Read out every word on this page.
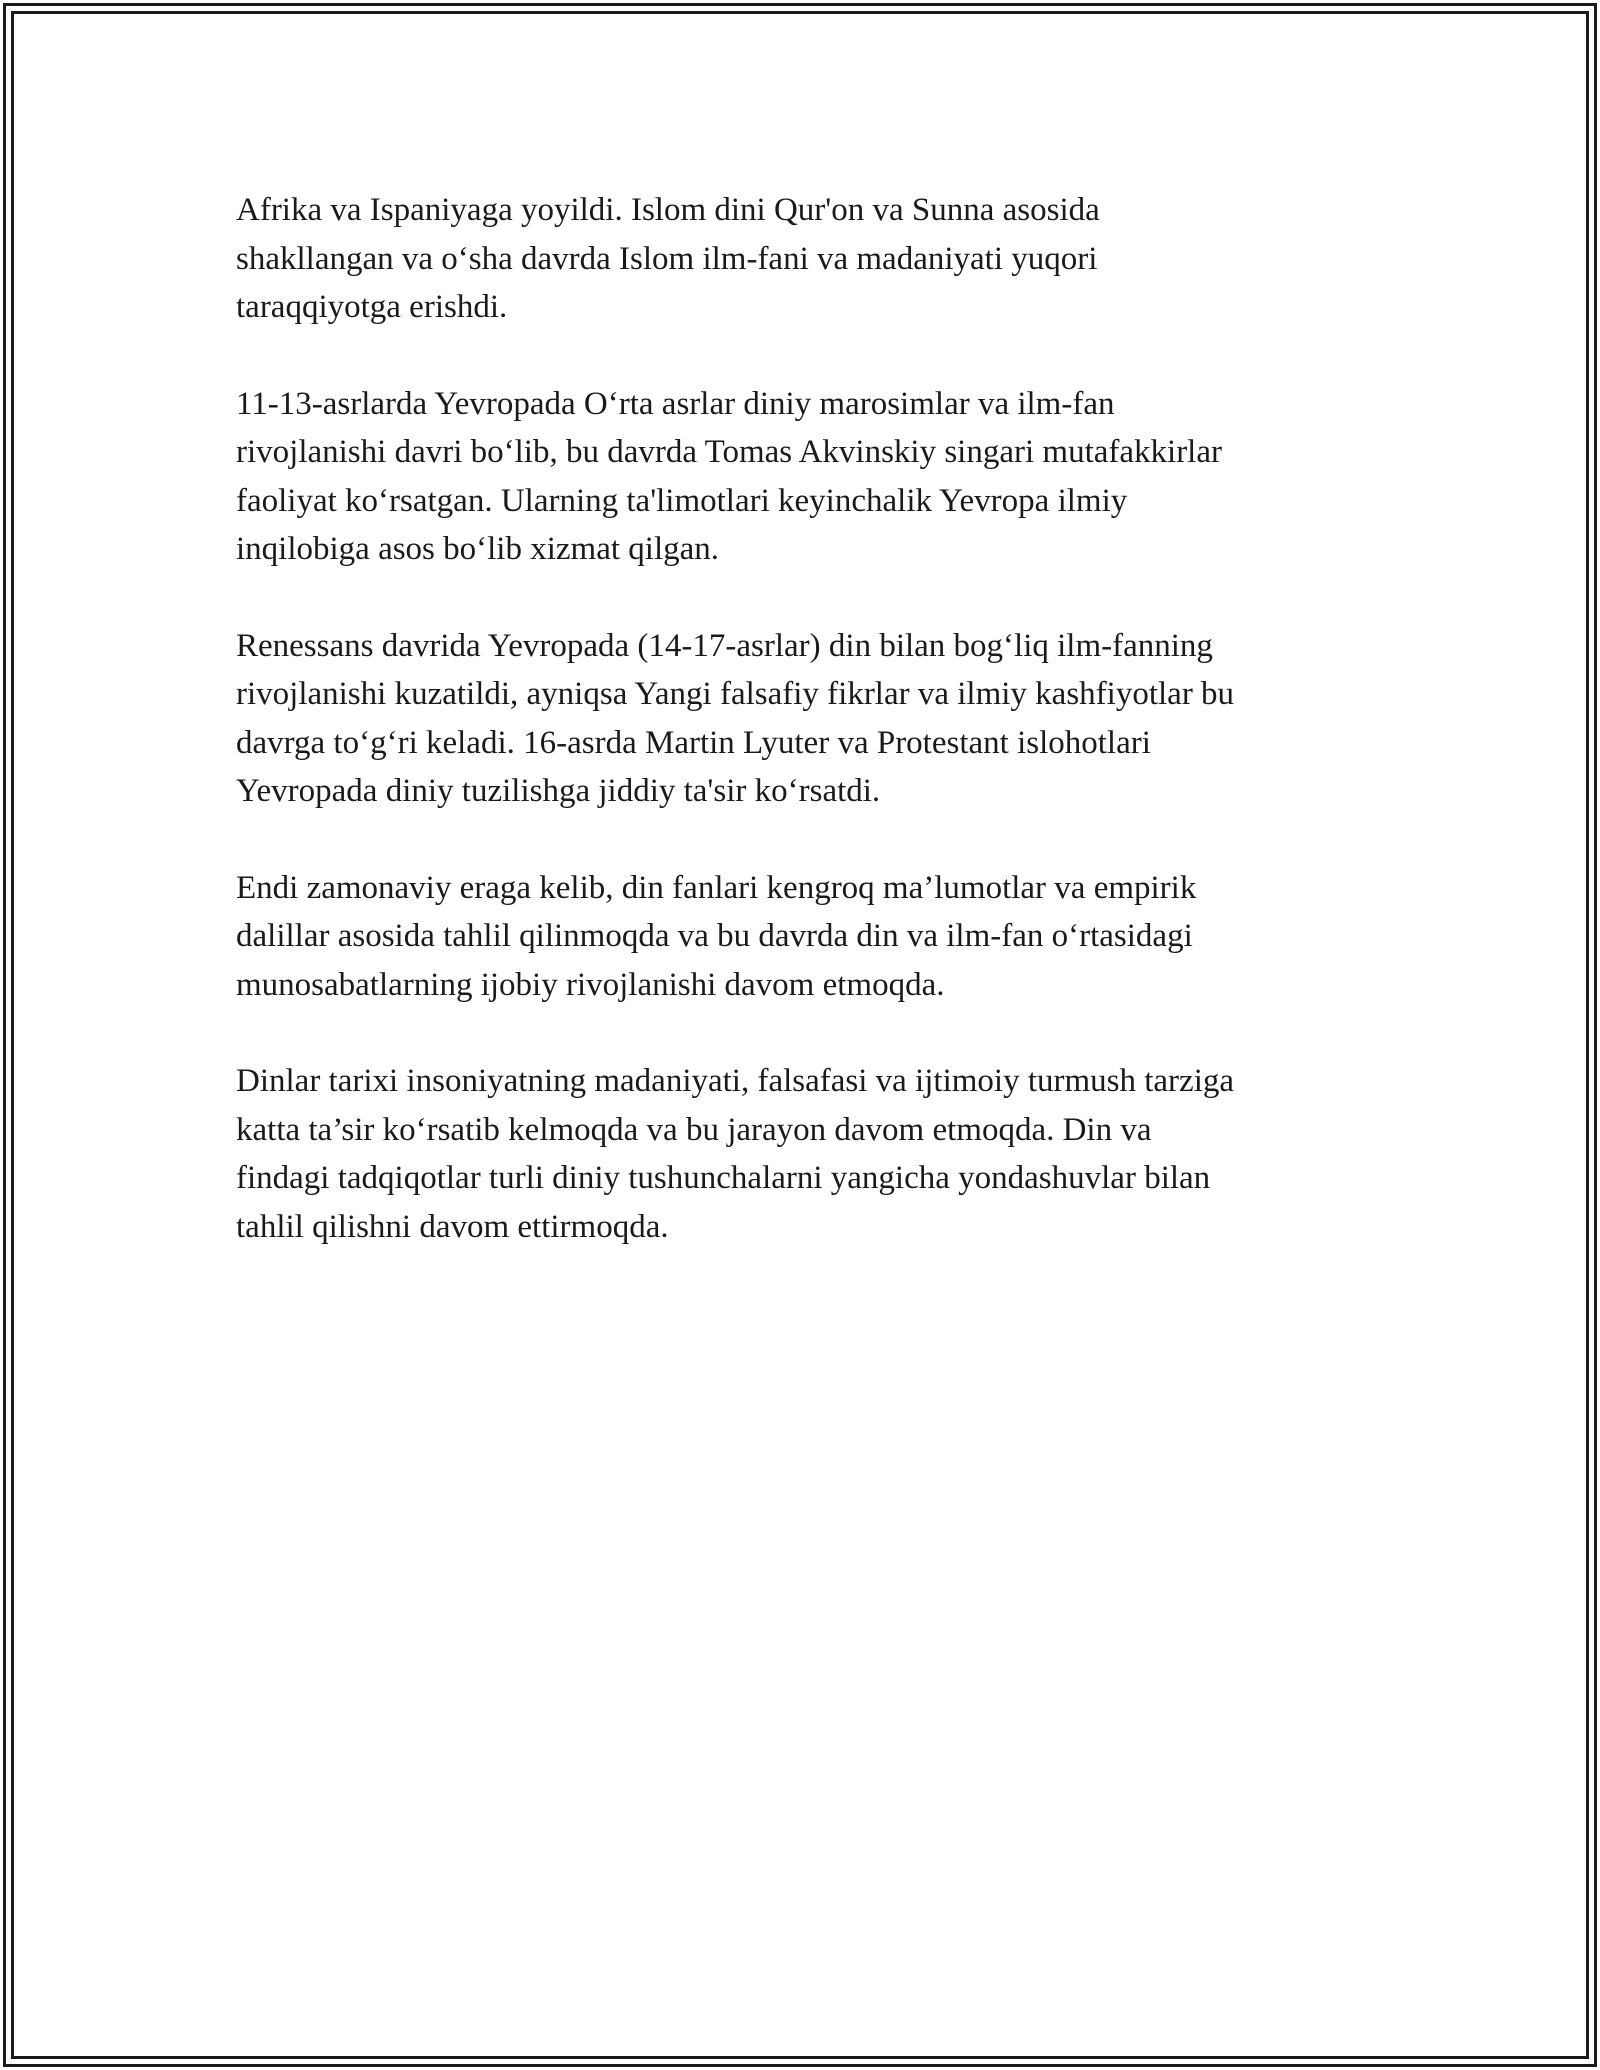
Afrika va Ispaniyaga yoyildi. Islom dini Qur'on va Sunna asosida
shakllangan va o‘sha davrda Islom ilm-fani va madaniyati yuqori
taraqqiyotga erishdi.

11-13-asrlarda Yevropada O‘rta asrlar diniy marosimlar va ilm-fan
rivojlanishi davri bo‘lib, bu davrda Tomas Akvinskiy singari mutafakkirlar
faoliyat ko‘rsatgan. Ularning ta'limotlari keyinchalik Yevropa ilmiy
inqilobiga asos bo‘lib xizmat qilgan.

Renessans davrida Yevropada (14-17-asrlar) din bilan bog‘liq ilm-fanning
rivojlanishi kuzatildi, ayniqsa Yangi falsafiy fikrlar va ilmiy kashfiyotlar bu
davrga to‘g‘ri keladi. 16-asrda Martin Lyuter va Protestant islohotlari
Yevropada diniy tuzilishga jiddiy ta'sir ko‘rsatdi.

Endi zamonaviy eraga kelib, din fanlari kengroq ma’lumotlar va empirik
dalillar asosida tahlil qilinmoqda va bu davrda din va ilm-fan o‘rtasidagi
munosabatlarning ijobiy rivojlanishi davom etmoqda.

Dinlar tarixi insoniyatning madaniyati, falsafasi va ijtimoiy turmush tarziga
katta ta’sir ko‘rsatib kelmoqda va bu jarayon davom etmoqda. Din va
findagi tadqiqotlar turli diniy tushunchalarni yangicha yondashuvlar bilan
tahlil qilishni davom ettirmoqda.
